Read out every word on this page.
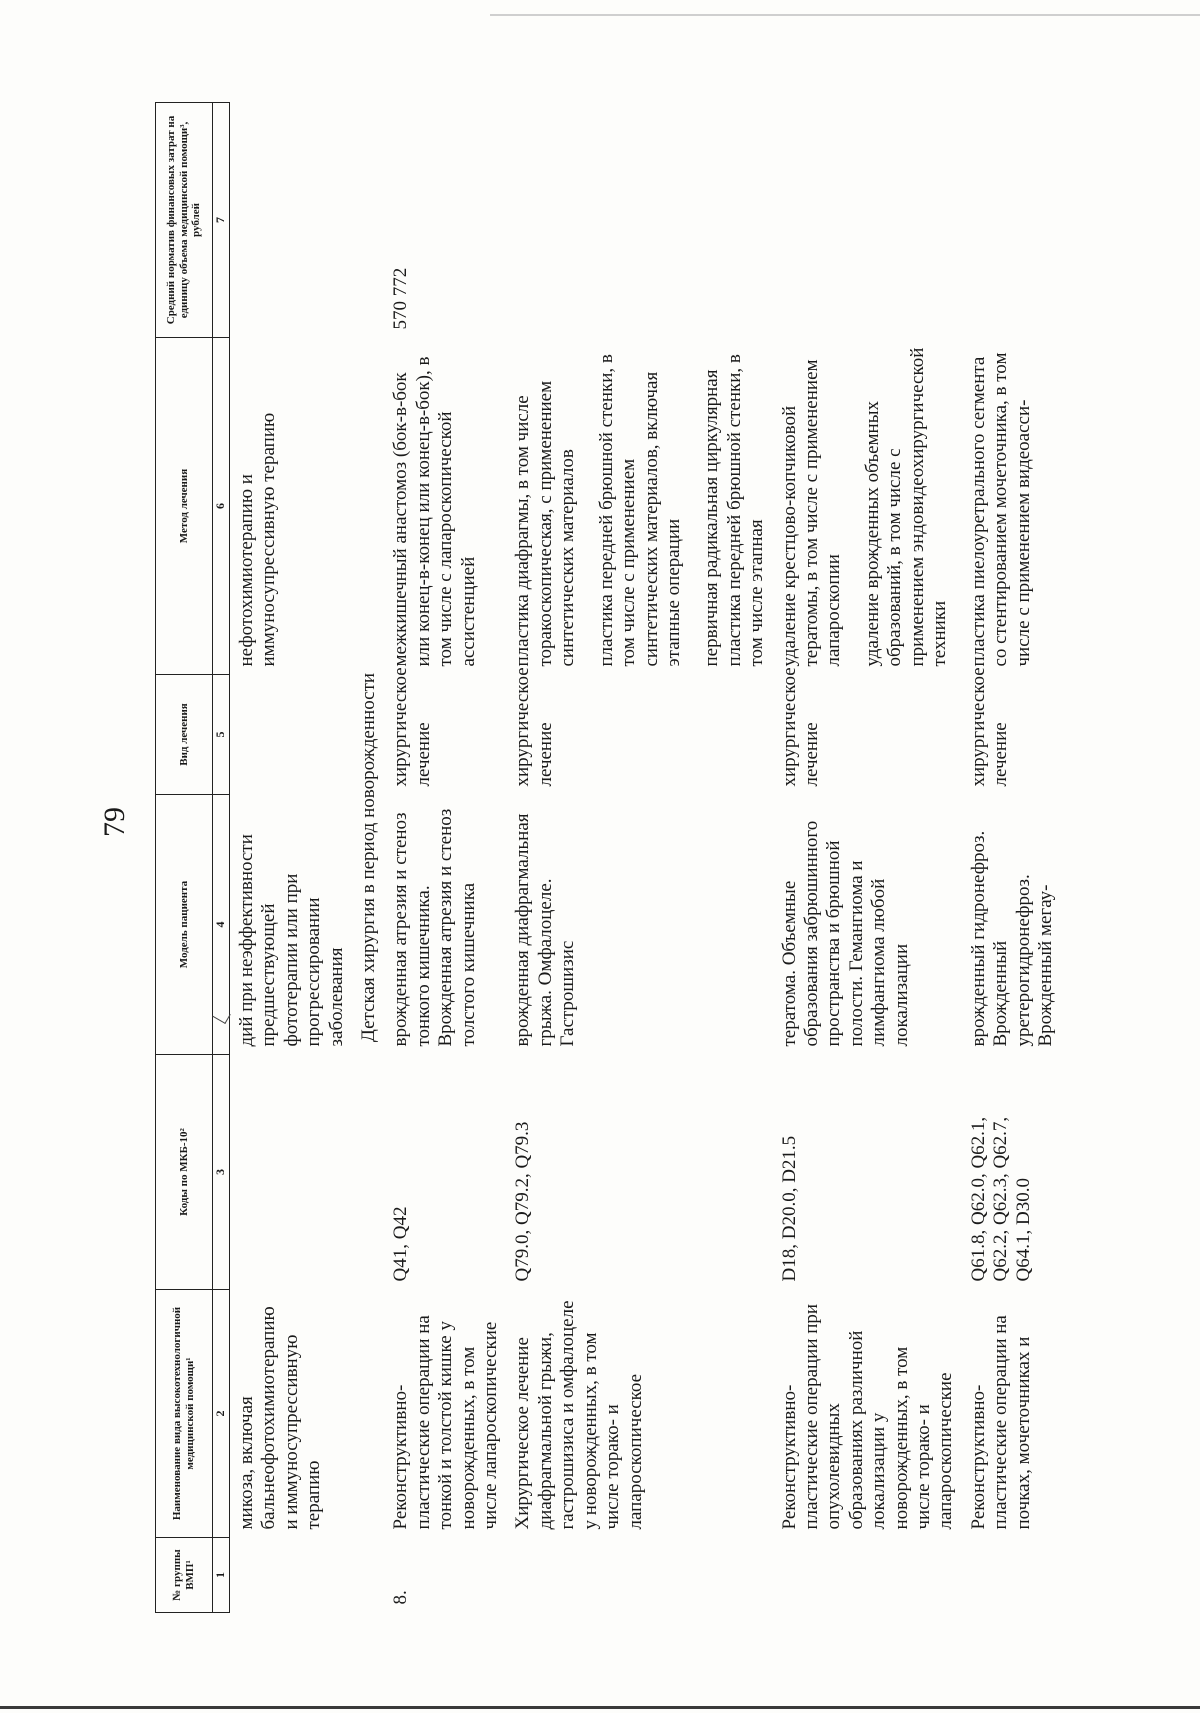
79
№ группы ВМП¹	Наименование вида высокотехнологичной медицинской помощи¹	Коды по МКБ-10²	Модель пациента	Вид лечения	Метод лечения	Средний норматив финансовых затрат на единицу объема медицинской помощи³, рублей
1	2	3	4	5	6	7
	микоза, включая бальнеофотохимиотерапию и иммуносупрессивную терапию		дий при неэффективности предшествующей фототерапии или при прогрессировании заболевания		нефотохимиотерапию и иммуносупрессивную терапию	
Детская хирургия в период новорожденности						
8.	Реконструктивно-пластические операции на тонкой и толстой кишке у новорожденных, в том числе лапароскопические	Q41, Q42	врожденная атрезия и стеноз тонкого кишечника. Врожденная атрезия и стеноз толстого кишечника	хирургическое лечение	межкишечный анастомоз (бок-в-бок или конец-в-конец или конец-в-бок), в том числе с лапароскопической ассистенцией	570 772
	Хирургическое лечение диафрагмальной грыжи, гастрошизиса и омфалоцеле у новорожденных, в том числе торако- и лапароскопическое	Q79.0, Q79.2, Q79.3	врожденная диафрагмальная грыжа. Омфалоцеле. Гастрошизис	хирургическое лечение	пластика диафрагмы, в том числе торакоскопическая, с применением синтетических материалов пластика передней брюшной стенки, в том числе с применением синтетических материалов, включая этапные операции первичная радикальная циркулярная пластика передней брюшной стенки, в том числе этапная	

	Реконструктивно-пластические операции при опухолевидных образованиях различной локализации у новорожденных, в том числе торако- и лапароскопические	D18, D20.0, D21.5	тератома. Объемные образования забрюшинного пространства и брюшной полости. Гемангиома и лимфангиома любой локализации	хирургическое лечение	удаление крестцово-копчиковой тератомы, в том числе с применением лапароскопии удаление врожденных объемных образований, в том числе с применением эндовидеохирургической техники	

	Реконструктивно-пластические операции на почках, мочеточниках и	Q61.8, Q62.0, Q62.1, Q62.2, Q62.3, Q62.7, Q64.1, D30.0	врожденный гидронефроз. Врожденный уретерогидронефроз. Врожденный мегау-	хирургическое лечение	пластика пиелоуретрального сегмента со стентированием мочеточника, в том числе с применением видеоасси-	
